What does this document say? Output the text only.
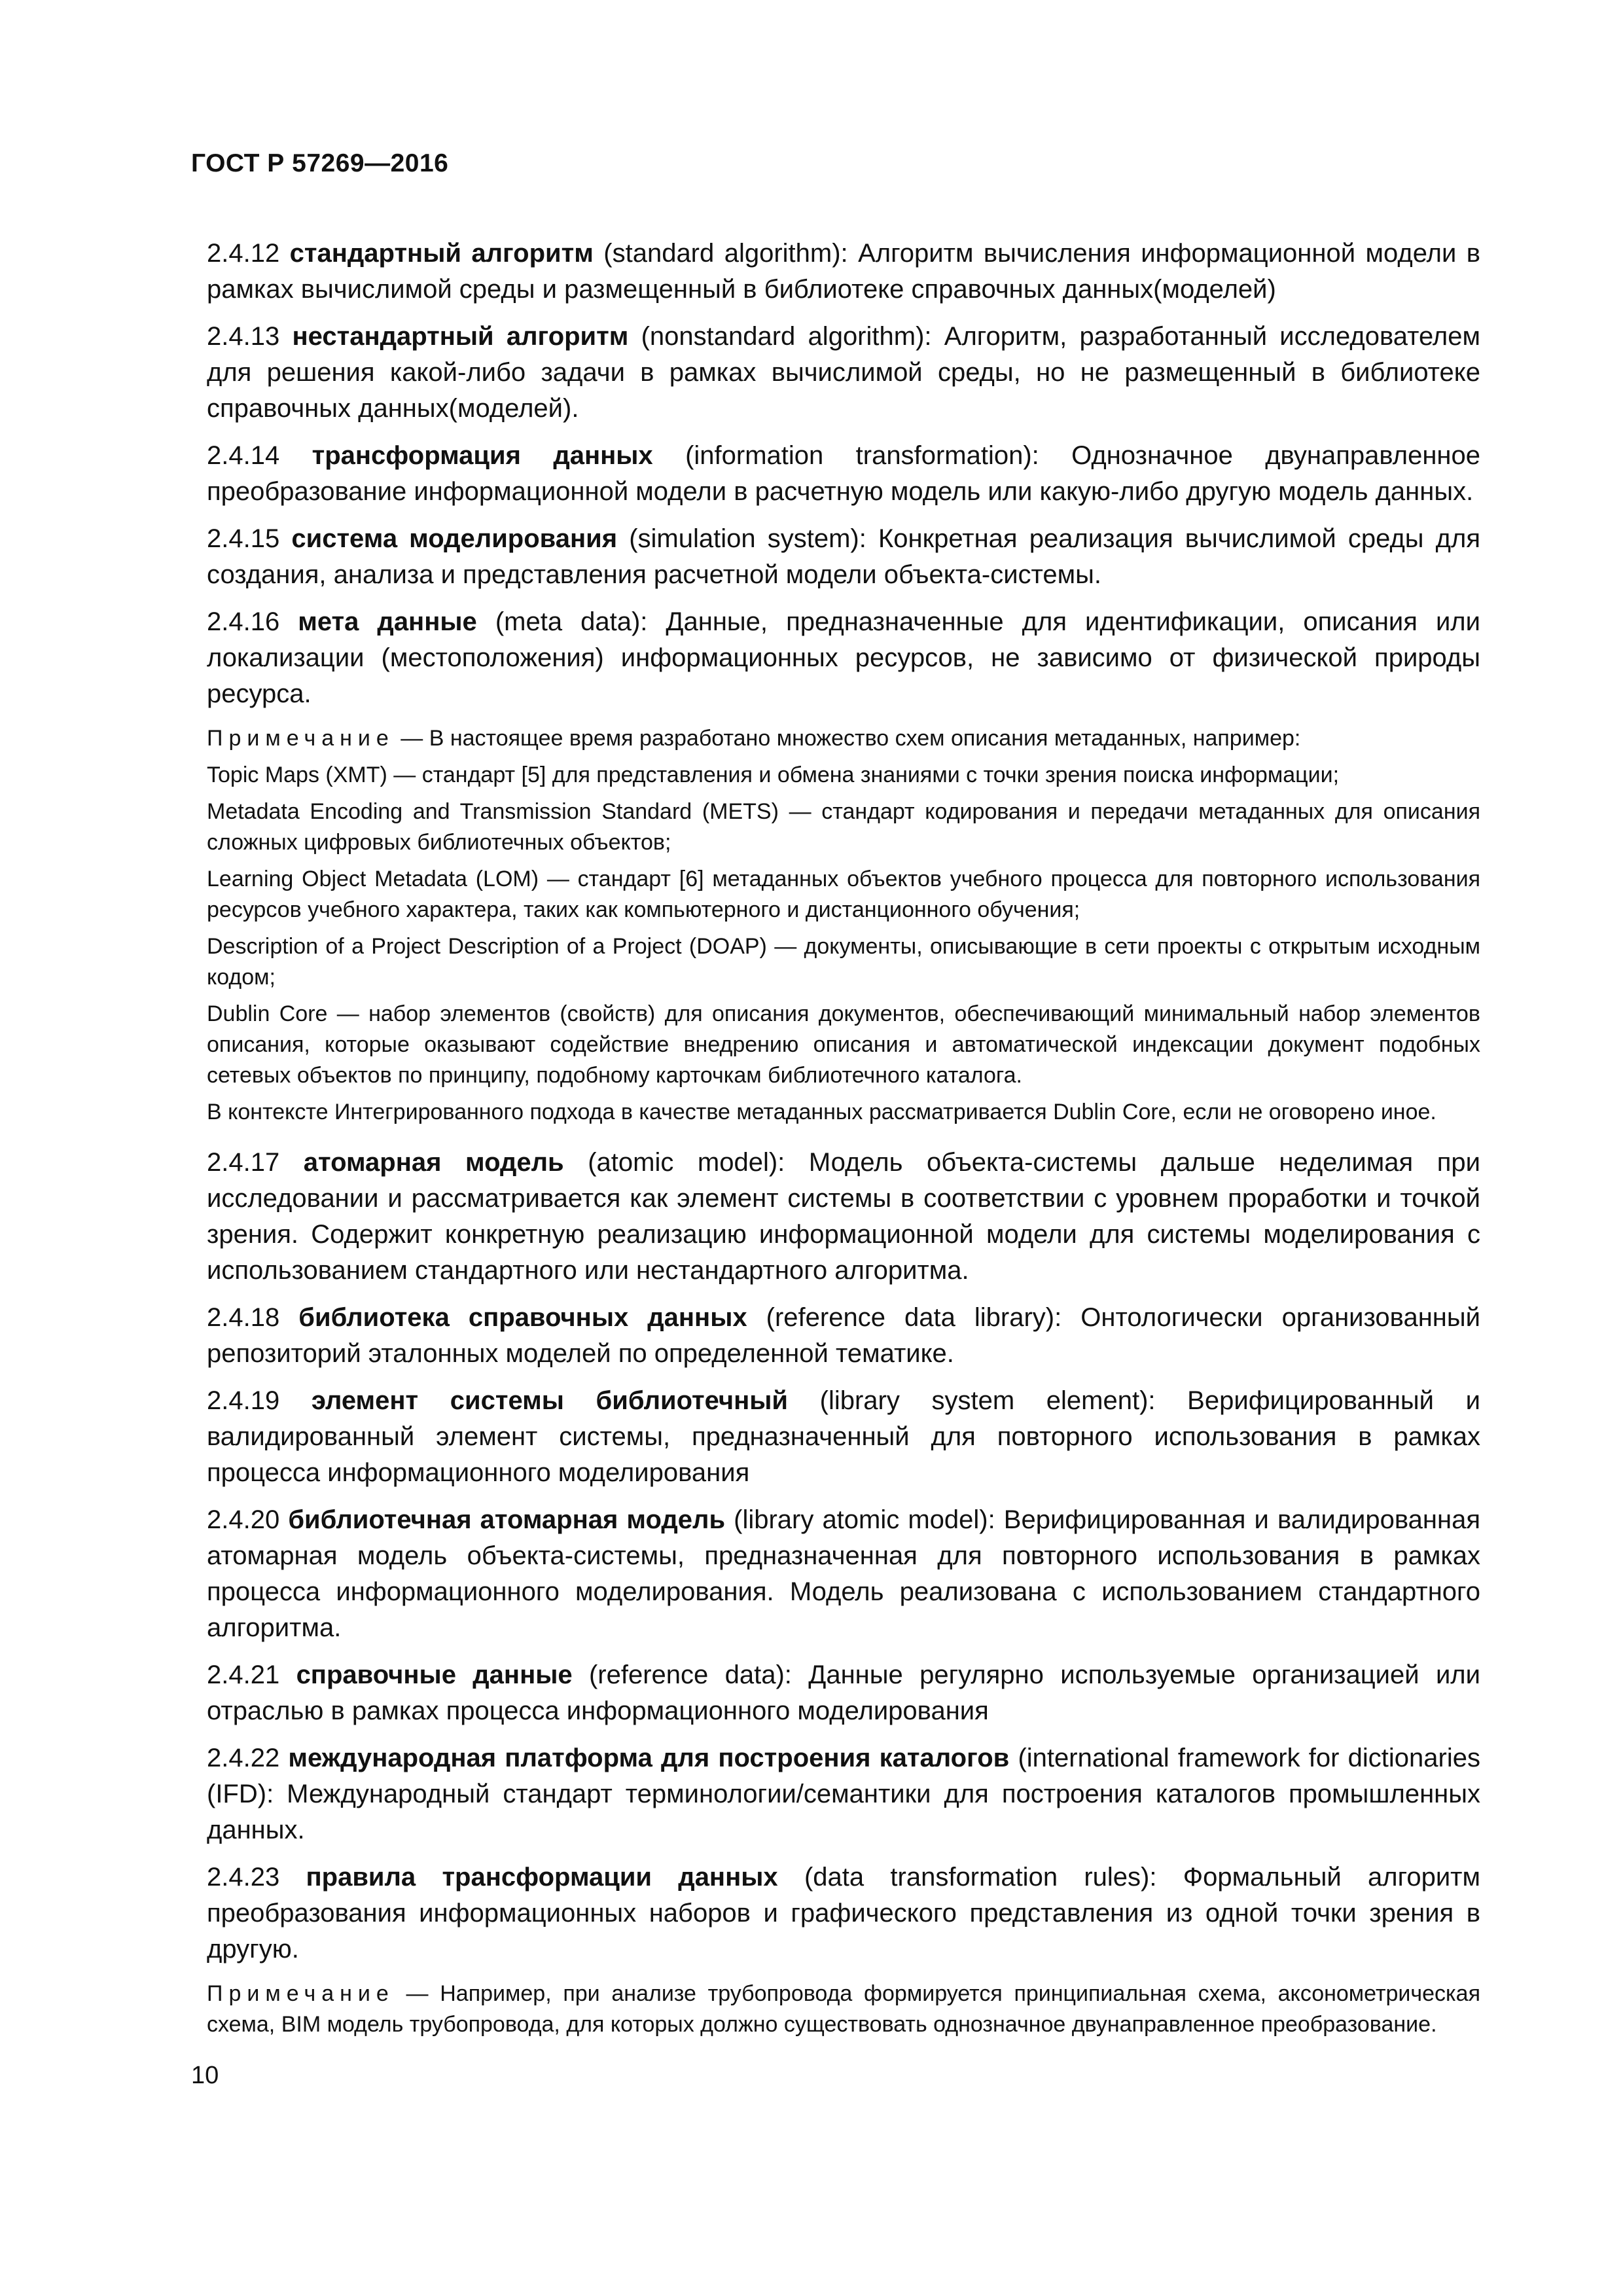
ГОСТ Р 57269—2016

2.4.12 стандартный алгоритм (standard algorithm): Алгоритм вычисления информационной модели в рамках вычислимой среды и размещенный в библиотеке справочных данных(моделей)

2.4.13 нестандартный алгоритм (nonstandard algorithm): Алгоритм, разработанный исследователем для решения какой-либо задачи в рамках вычислимой среды, но не размещенный в библиотеке справочных данных(моделей).

2.4.14 трансформация данных (information transformation): Однозначное двунаправленное преобразование информационной модели в расчетную модель или какую-либо другую модель данных.

2.4.15 система моделирования (simulation system): Конкретная реализация вычислимой среды для создания, анализа и представления расчетной модели объекта-системы.

2.4.16 мета данные (meta data): Данные, предназначенные для идентификации, описания или локализации (местоположения) информационных ресурсов, не зависимо от физической природы ресурса.

Примечание — В настоящее время разработано множество схем описания метаданных, например:

Topic Maps (XMT) — стандарт [5] для представления и обмена знаниями с точки зрения поиска информации;

Metadata Encoding and Transmission Standard (METS) — стандарт кодирования и передачи метаданных для описания сложных цифровых библиотечных объектов;

Learning Object Metadata (LOM) — стандарт [6] метаданных объектов учебного процесса для повторного использования ресурсов учебного характера, таких как компьютерного и дистанционного обучения;

Description of a Project Description of a Project (DOAP) — документы, описывающие в сети проекты с открытым исходным кодом;

Dublin Core — набор элементов (свойств) для описания документов, обеспечивающий минимальный набор элементов описания, которые оказывают содействие внедрению описания и автоматической индексации документ подобных сетевых объектов по принципу, подобному карточкам библиотечного каталога.

В контексте Интегрированного подхода в качестве метаданных рассматривается Dublin Core, если не оговорено иное.

2.4.17 атомарная модель (atomic model): Модель объекта-системы дальше неделимая при исследовании и рассматривается как элемент системы в соответствии с уровнем проработки и точкой зрения. Содержит конкретную реализацию информационной модели для системы моделирования с использованием стандартного или нестандартного алгоритма.

2.4.18 библиотека справочных данных (reference data library): Онтологически организованный репозиторий эталонных моделей по определенной тематике.

2.4.19 элемент системы библиотечный (library system element): Верифицированный и валидированный элемент системы, предназначенный для повторного использования в рамках процесса информационного моделирования

2.4.20 библиотечная атомарная модель (library atomic model): Верифицированная и валидированная атомарная модель объекта-системы, предназначенная для повторного использования в рамках процесса информационного моделирования. Модель реализована с использованием стандартного алгоритма.

2.4.21 справочные данные (reference data): Данные регулярно используемые организацией или отраслью в рамках процесса информационного моделирования

2.4.22 международная платформа для построения каталогов (international framework for dictionaries (IFD): Международный стандарт терминологии/семантики для построения каталогов промышленных данных.

2.4.23 правила трансформации данных (data transformation rules): Формальный алгоритм преобразования информационных наборов и графического представления из одной точки зрения в другую.

Примечание — Например, при анализе трубопровода формируется принципиальная схема, аксонометрическая схема, BIM модель трубопровода, для которых должно существовать однозначное двунаправленное преобразование.

10
